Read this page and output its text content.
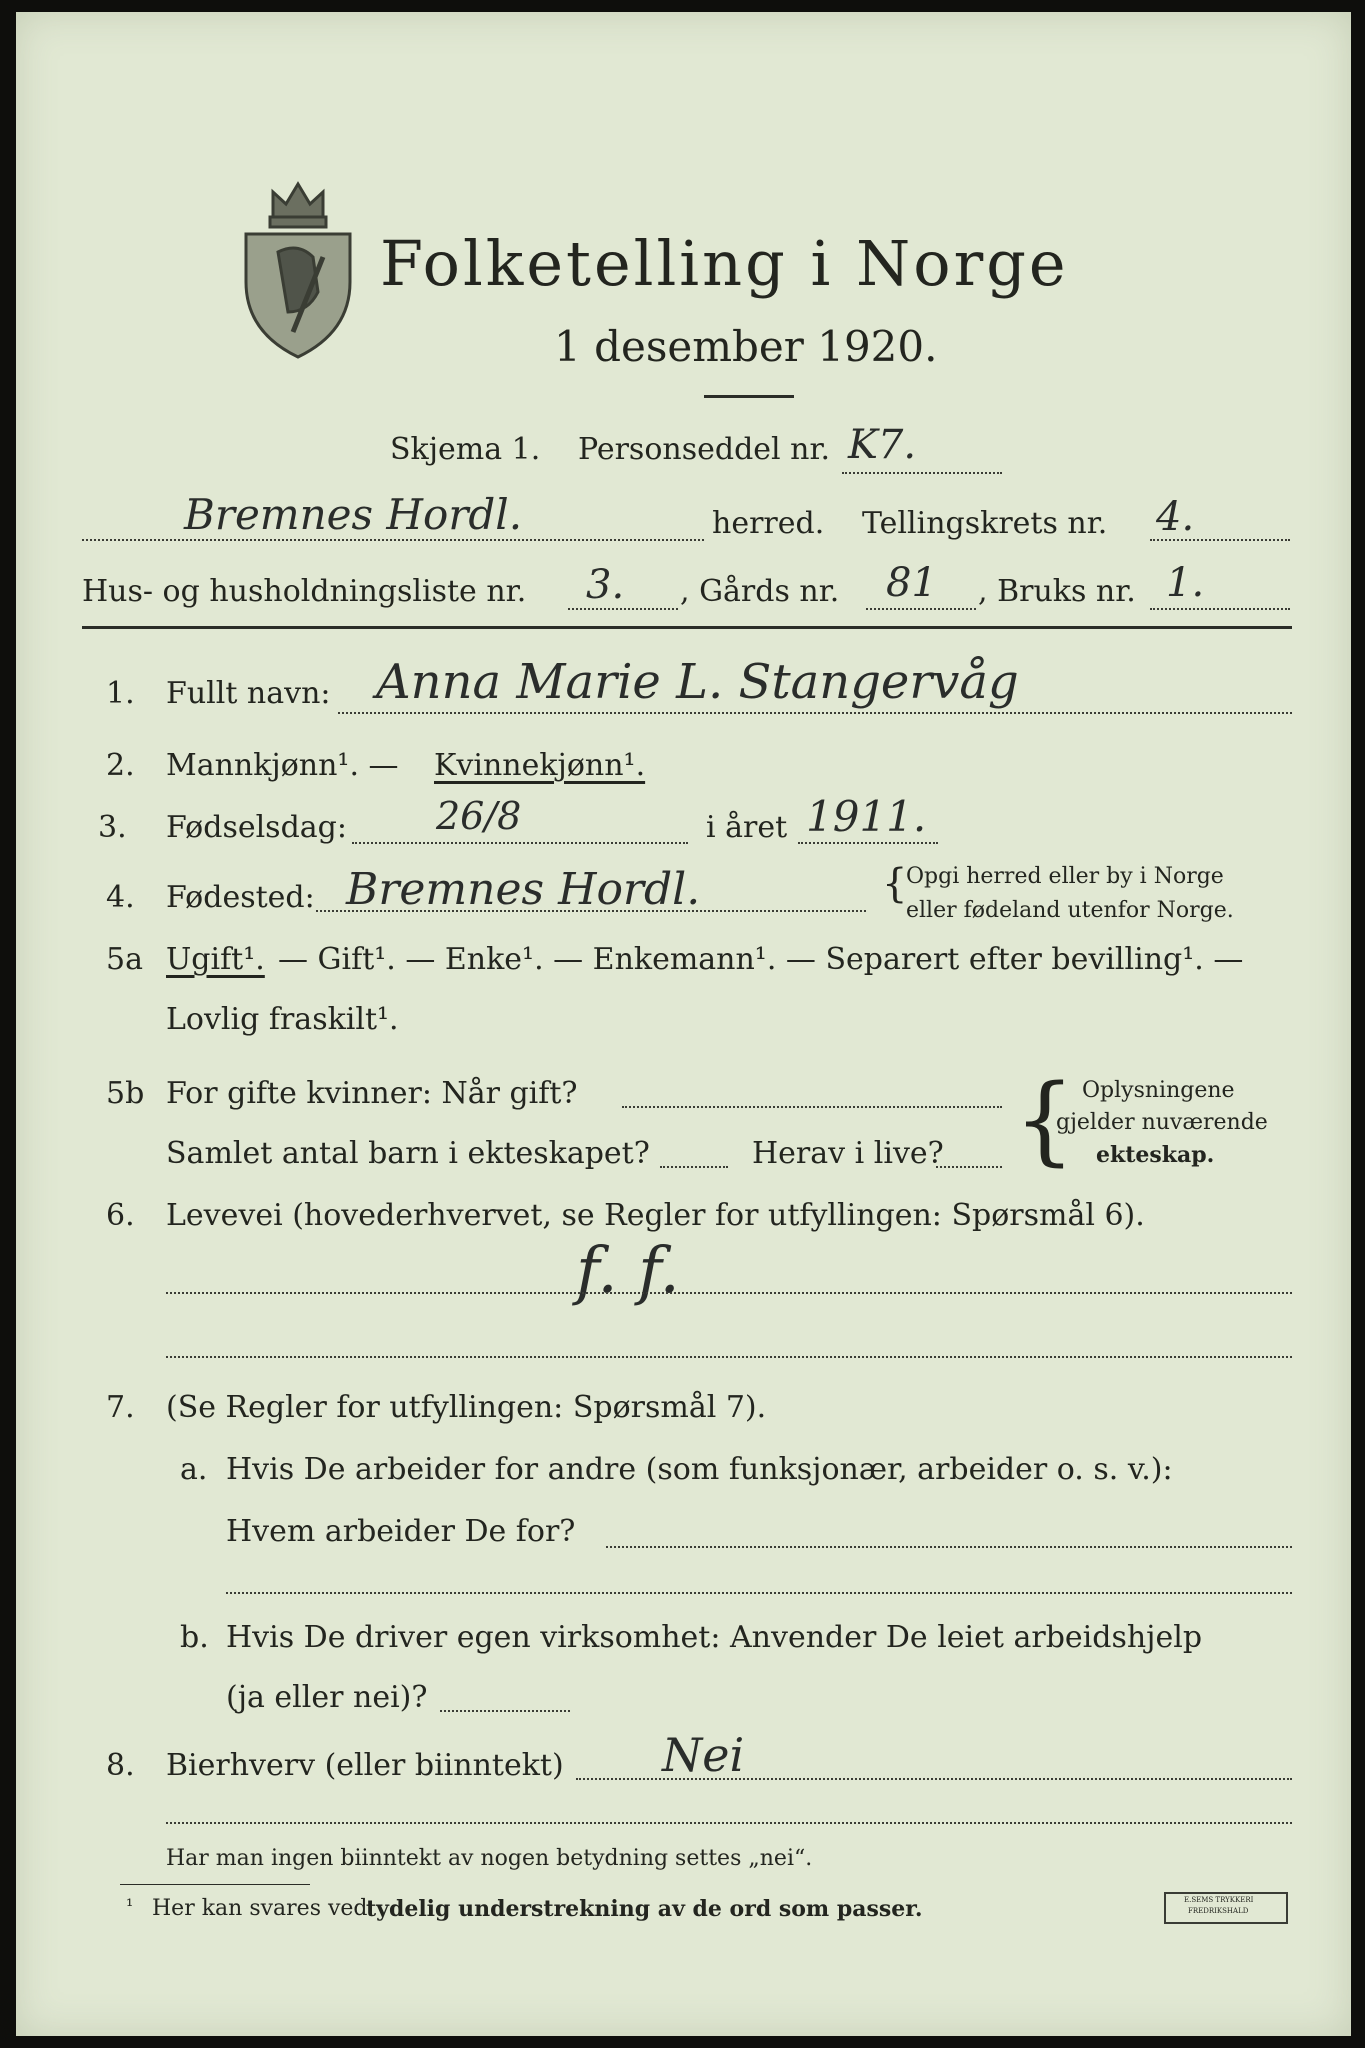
Folketelling i Norge
1 desember 1920.
Skjema 1. Personseddel nr. K7.
Bremnes Hordl.	herred. Tellingskrets nr. 4.
Hus- og husholdningsliste nr. 3. , Gårds nr. 81 , Bruks nr. 1.
1. Fullt navn: Anna Marie L. Stangervåg
2. Mannkjønn¹. — Kvinnekjønn¹.
3. Fødselsdag: 26/8	i året 1911.
4. Fødested: Bremnes Hordl.	{
Opgi herred eller by i Norge
eller fødeland utenfor Norge.
5a Ugift¹. — Gift¹. — Enke¹. — Enkemann¹. — Separert efter bevilling¹. —
Lovlig fraskilt¹.
5b For gifte kvinner: Når gift?
Samlet antal barn i ekteskapet?	Herav i live? { Oplysningene
gjelder nuværende
ekteskap.
6. Levevei (hovederhvervet, se Regler for utfyllingen: Spørsmål 6).
f. f.
7. (Se Regler for utfyllingen: Spørsmål 7).
a. Hvis De arbeider for andre (som funksjonær, arbeider o. s. v.):
Hvem arbeider De for?
b. Hvis De driver egen virksomhet: Anvender De leiet arbeidshjelp
(ja eller nei)?
8. Bierhverv (eller biinntekt) Nei
Har man ingen biinntekt av nogen betydning settes „nei“.
¹ Her kan svares ved
tydelig understrekning av de ord som passer.	E.SEMS TRYKKERI
FREDRIKSHALD
